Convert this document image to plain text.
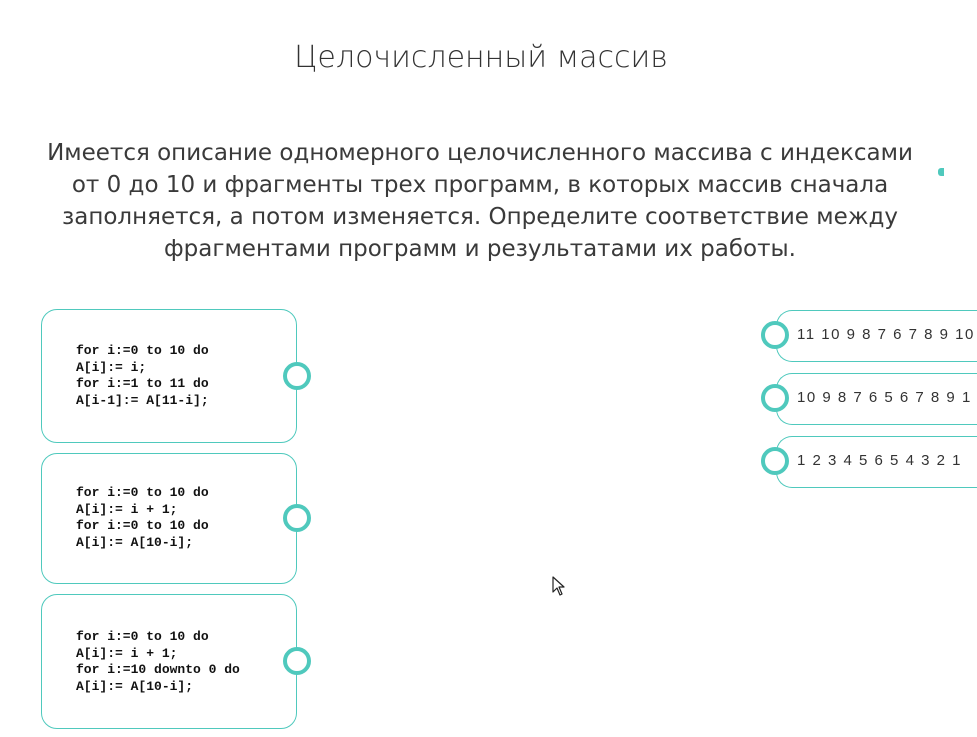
Целочисленный массив

Имеется описание одномерного целочисленного массива с индексами от 0 до 10 и фрагменты трех программ, в которых массив сначала заполняется, а потом изменяется. Определите соответствие между фрагментами программ и результатами их работы.

for i:=0 to 10 do
A[i]:= i;
for i:=1 to 11 do
A[i-1]:= A[11-i];
for i:=0 to 10 do
A[i]:= i + 1;
for i:=0 to 10 do
A[i]:= A[10-i];
for i:=0 to 10 do
A[i]:= i + 1;
for i:=10 downto 0 do
A[i]:= A[10-i];
11 10 9 8 7 6 7 8 9 10
10 9 8 7 6 5 6 7 8 9 1
1 2 3 4 5 6 5 4 3 2 1
